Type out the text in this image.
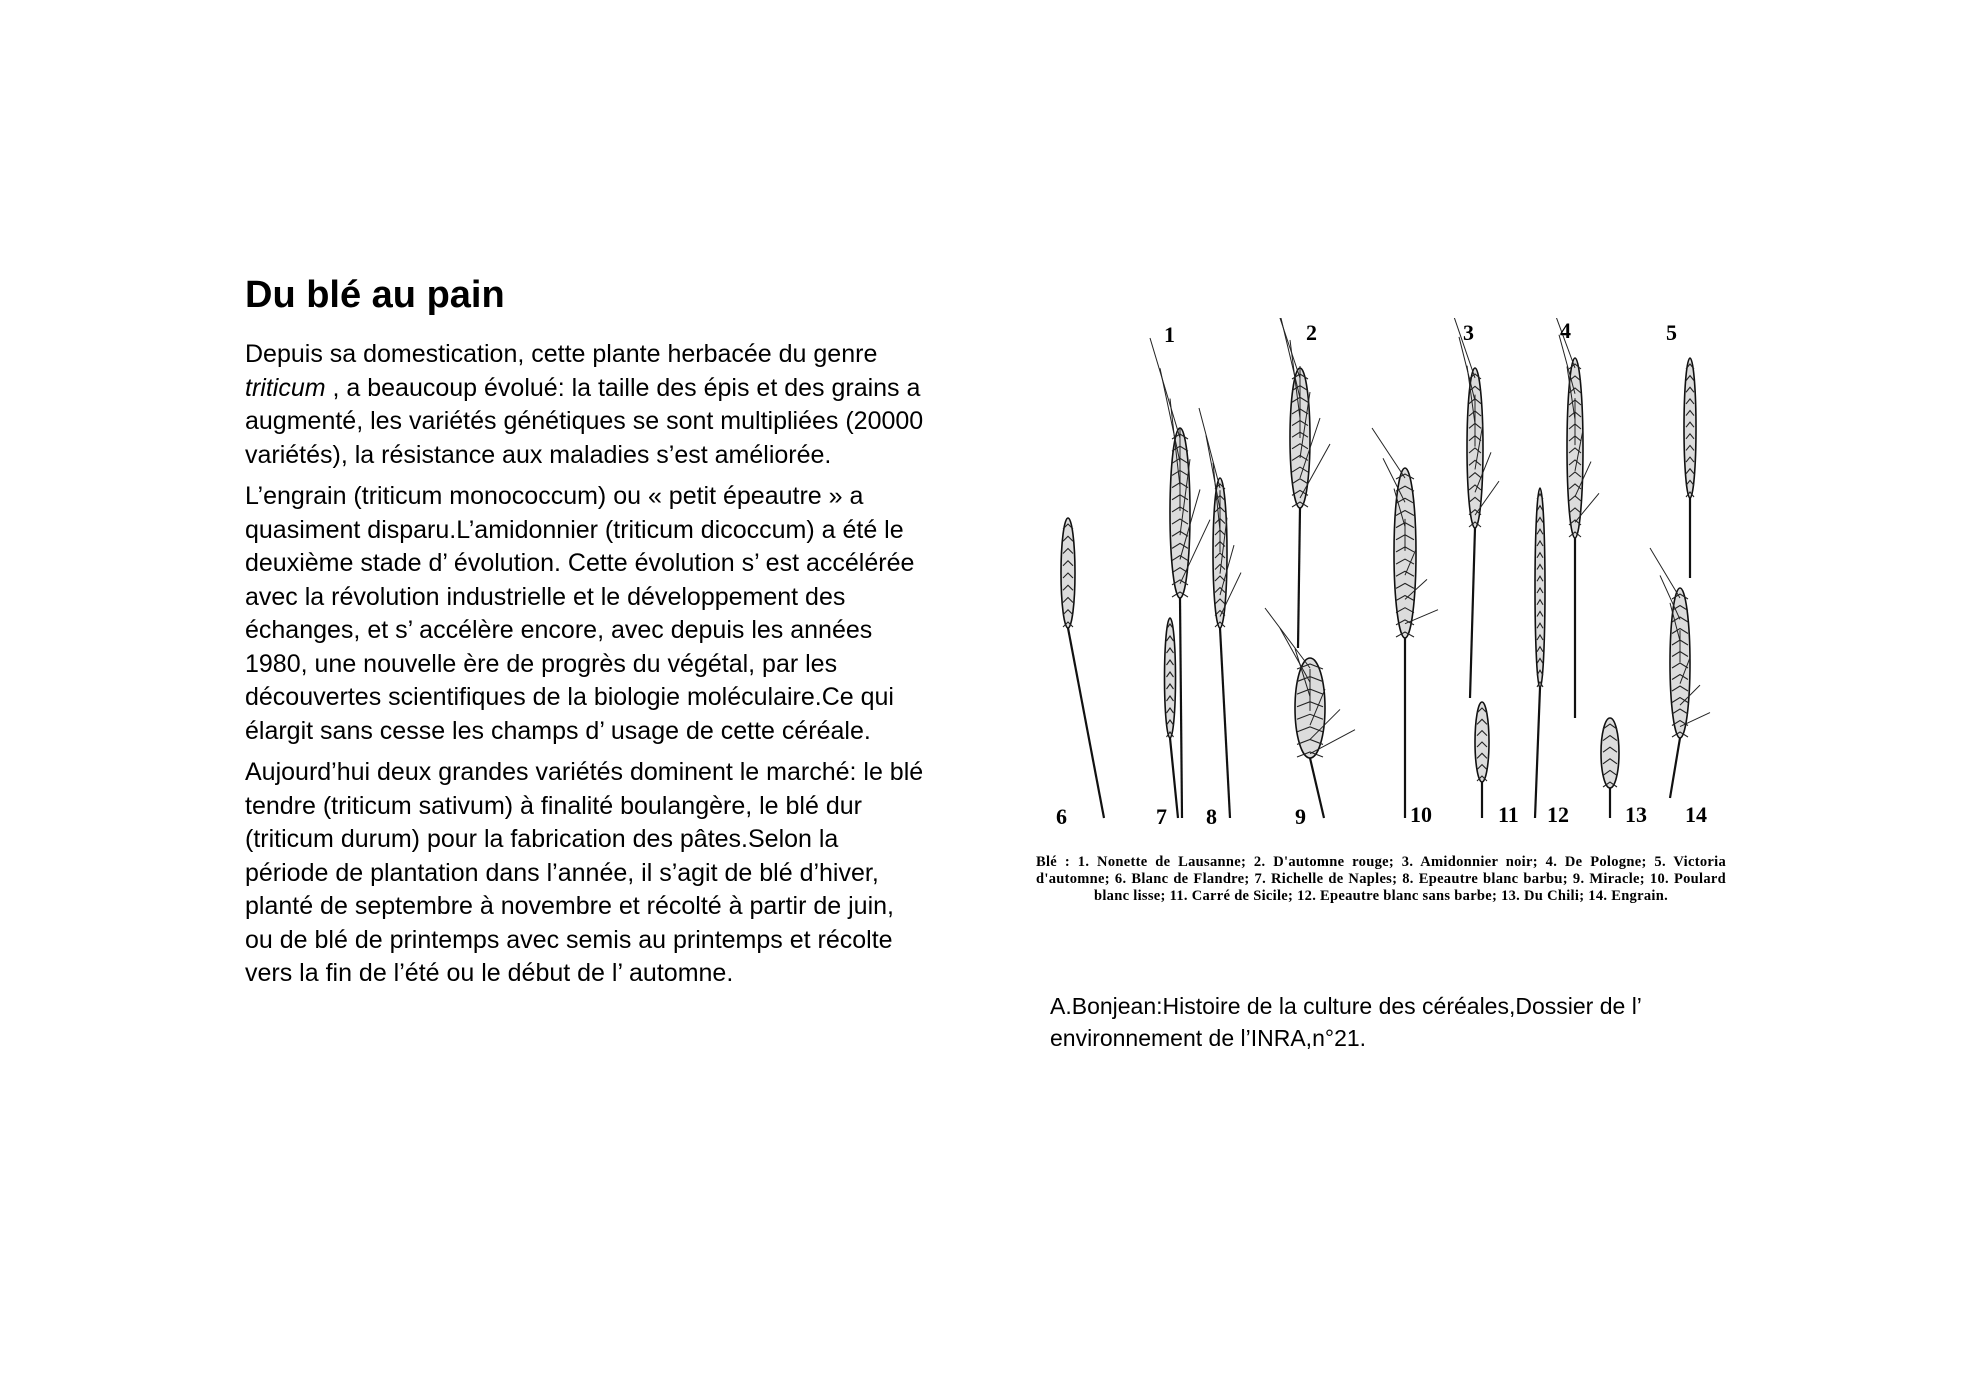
Du blé au pain

Depuis sa domestication, cette plante herbacée du genre triticum , a beaucoup évolué: la taille des épis et des grains a augmenté, les variétés génétiques se sont multipliées (20000 variétés), la résistance aux maladies s’est améliorée.

L’engrain (triticum monococcum) ou « petit épeautre » a quasiment disparu.L’amidonnier (triticum dicoccum) a été le deuxième stade d’ évolution. Cette évolution s’ est accélérée avec la révolution industrielle et le développement des échanges, et s’ accélère encore, avec depuis les années 1980, une nouvelle ère de progrès du végétal, par les découvertes scientifiques de la biologie moléculaire.Ce qui élargit sans cesse les champs d’ usage de cette céréale.

Aujourd’hui deux grandes variétés dominent le marché: le blé tendre (triticum sativum) à finalité boulangère, le blé dur (triticum durum) pour la fabrication des pâtes.Selon la période de plantation dans l’année, il s’agit de blé d’hiver, planté de septembre à novembre et récolté à partir de juin, ou de blé de printemps avec semis au printemps et récolte vers la fin de l’été ou le début de l’ automne.

1	2	3	4	5
6	7 8	9	10	11 12	13 14
Blé : 1. Nonette de Lausanne; 2. D'automne rouge; 3. Amidonnier noir; 4. De Pologne; 5. Victoria d'automne; 6. Blanc de Flandre; 7. Richelle de Naples; 8. Epeautre blanc barbu; 9. Miracle; 10. Poulard blanc lisse; 11. Carré de Sicile; 12. Epeautre blanc sans barbe; 13. Du Chili; 14. Engrain.
A.Bonjean:Histoire de la culture des céréales,Dossier de l’ environnement de l’INRA,n°21.
